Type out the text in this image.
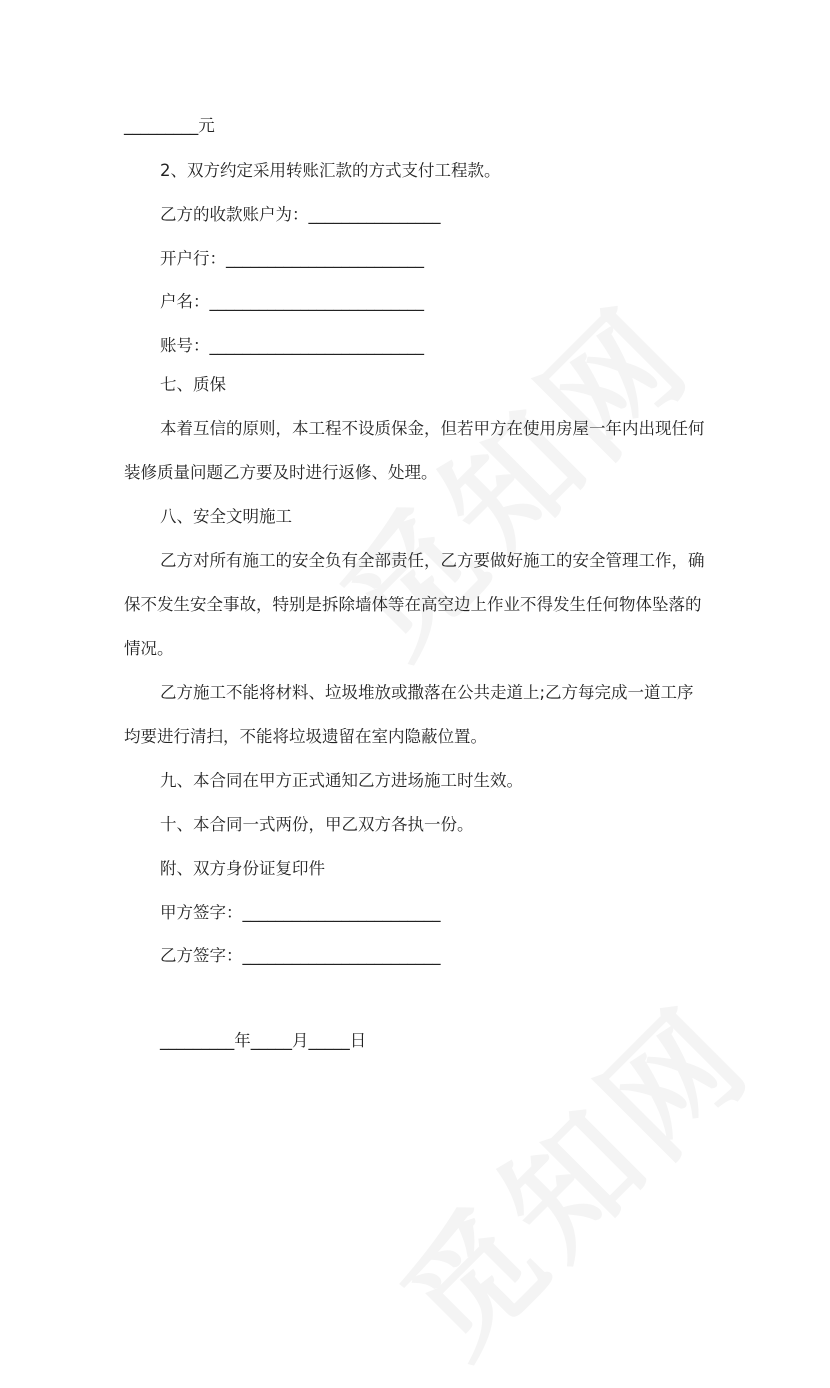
_________元
2、双方约定采用转账汇款的方式支付工程款。
乙方的收款账户为：________________
开户行：________________________
户名：__________________________
账号：__________________________
七、质保
本着互信的原则，本工程不设质保金，但若甲方在使用房屋一年内出现任何
装修质量问题乙方要及时进行返修、处理。
八、安全文明施工
乙方对所有施工的安全负有全部责任，乙方要做好施工的安全管理工作，确
保不发生安全事故，特别是拆除墙体等在高空边上作业不得发生任何物体坠落的
情况。
乙方施工不能将材料、垃圾堆放或撒落在公共走道上;乙方每完成一道工序
均要进行清扫，不能将垃圾遗留在室内隐蔽位置。
九、本合同在甲方正式通知乙方进场施工时生效。
十、本合同一式两份，甲乙双方各执一份。
附、双方身份证复印件
甲方签字：________________________
乙方签字：________________________
_________年_____月_____日
